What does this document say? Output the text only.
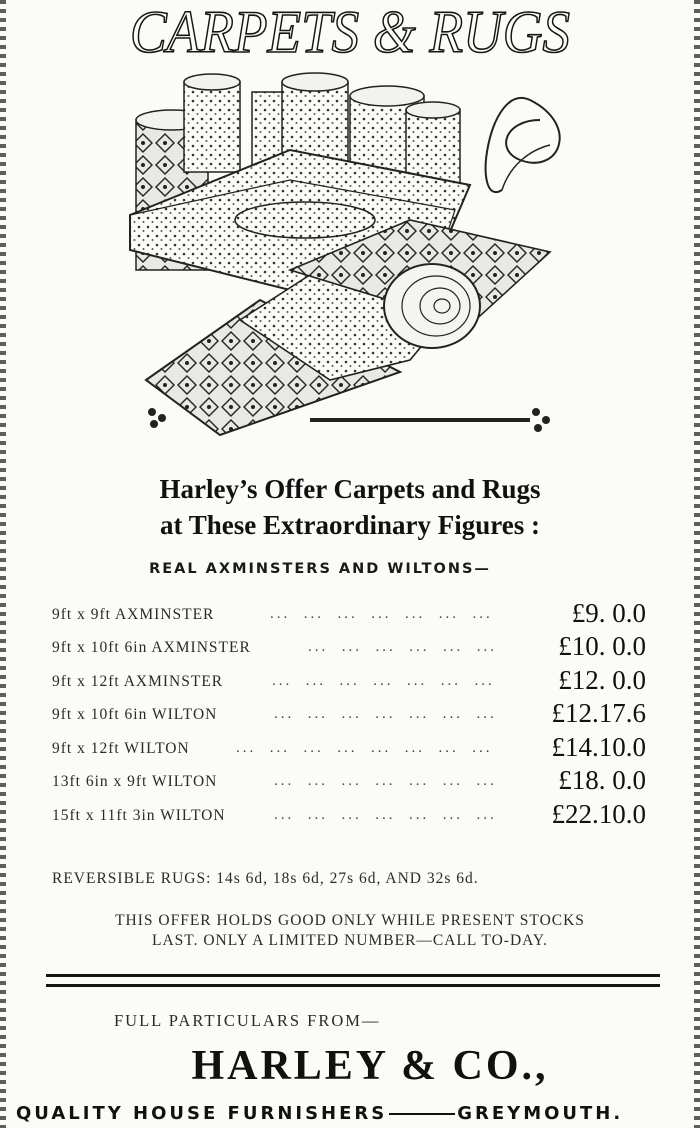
CARPETS & RUGS
Harley’s Offer Carpets and Rugs
at These Extraordinary Figures :
REAL AXMINSTERS AND WILTONS—
9ft x 9ft AXMINSTER	...  ...  ...  ...  ...  ...  ...	£9. 0.0
9ft x 10ft 6in AXMINSTER	...  ...  ...  ...  ...  ... £10. 0.0
9ft x 12ft AXMINSTER	...  ...  ...  ...  ...  ...  ... £12. 0.0
9ft x 10ft 6in WILTON	...  ...  ...  ...  ...  ...  ... £12.17.6
9ft x 12ft WILTON	...  ...  ...  ...  ...  ...  ...  ... £14.10.0
13ft 6in x 9ft WILTON	...  ...  ...  ...  ...  ...  ... £18. 0.0
15ft x 11ft 3in WILTON	...  ...  ...  ...  ...  ...  ... £22.10.0
REVERSIBLE RUGS: 14s 6d, 18s 6d, 27s 6d, AND 32s 6d.
THIS OFFER HOLDS GOOD ONLY WHILE PRESENT STOCKS
LAST. ONLY A LIMITED NUMBER—CALL TO-DAY.
FULL PARTICULARS FROM—
HARLEY & CO.,
QUALITY HOUSE FURNISHERS	GREYMOUTH.
